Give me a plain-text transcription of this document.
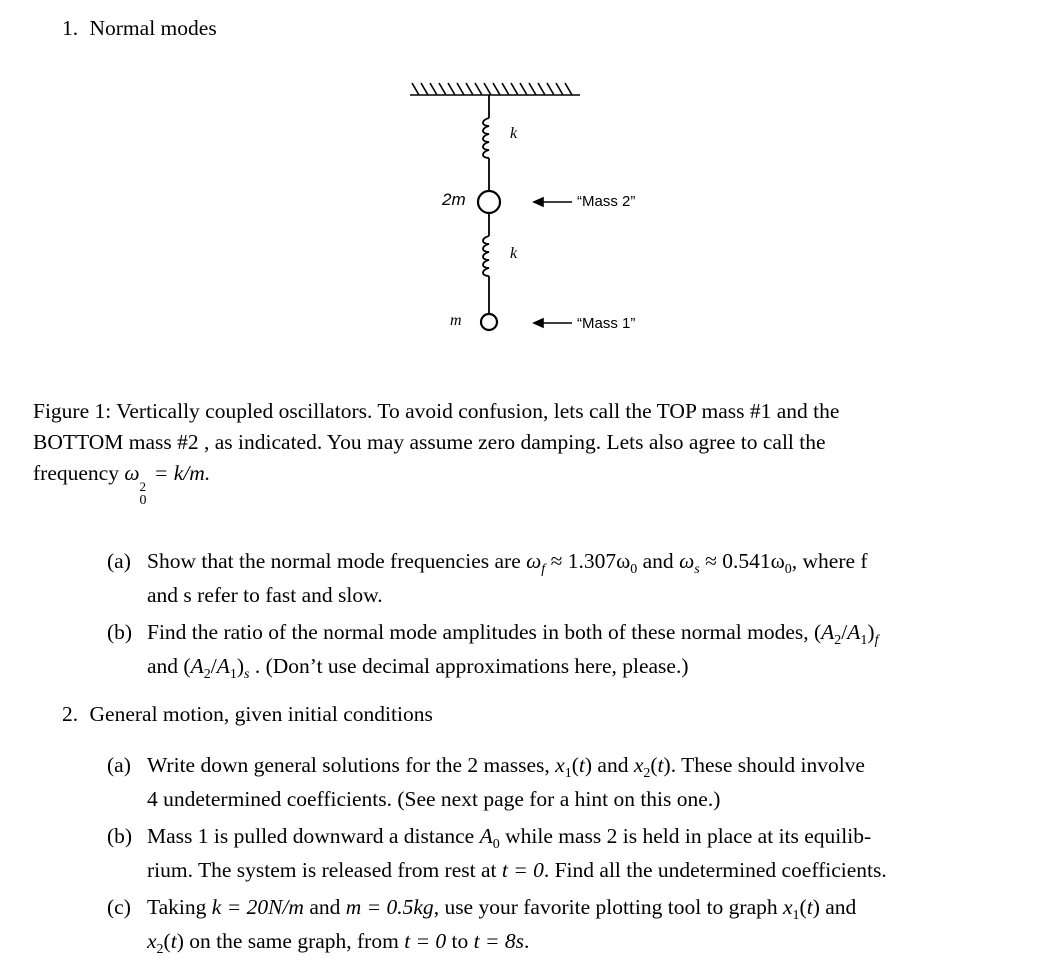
1. Normal modes
2m
m
k
k
“Mass 2”
“Mass 1”
Figure 1: Vertically coupled oscillators. To avoid confusion, lets call the TOP mass #1 and the
BOTTOM mass #2 , as indicated. You may assume zero damping. Lets also agree to call the
frequency ω
2
0
= k/m.
(a) Show that the normal mode frequencies are $\omega_f \approx 1.307\omega_0$ and $\omega_s \approx 0.541\omega_0$, where f
and s refer to fast and slow.
(b) Find the ratio of the normal mode amplitudes in both of these normal modes, $(A_2/A_1)_f$
and $(A_2/A_1)_s$ . (Don’t use decimal approximations here, please.)
2. General motion, given initial conditions
(a) Write down general solutions for the 2 masses, $x_1(t)$ and $x_2(t)$. These should involve
4 undetermined coefficients. (See next page for a hint on this one.)
(b) Mass 1 is pulled downward a distance $A_0$ while mass 2 is held in place at its equilib-
rium. The system is released from rest at t = 0. Find all the undetermined coefficients.
(c) Taking k = 20N/m and m = 0.5kg, use your favorite plotting tool to graph $x_1(t)$ and
$x_2(t)$ on the same graph, from t = 0 to t = 8s.
